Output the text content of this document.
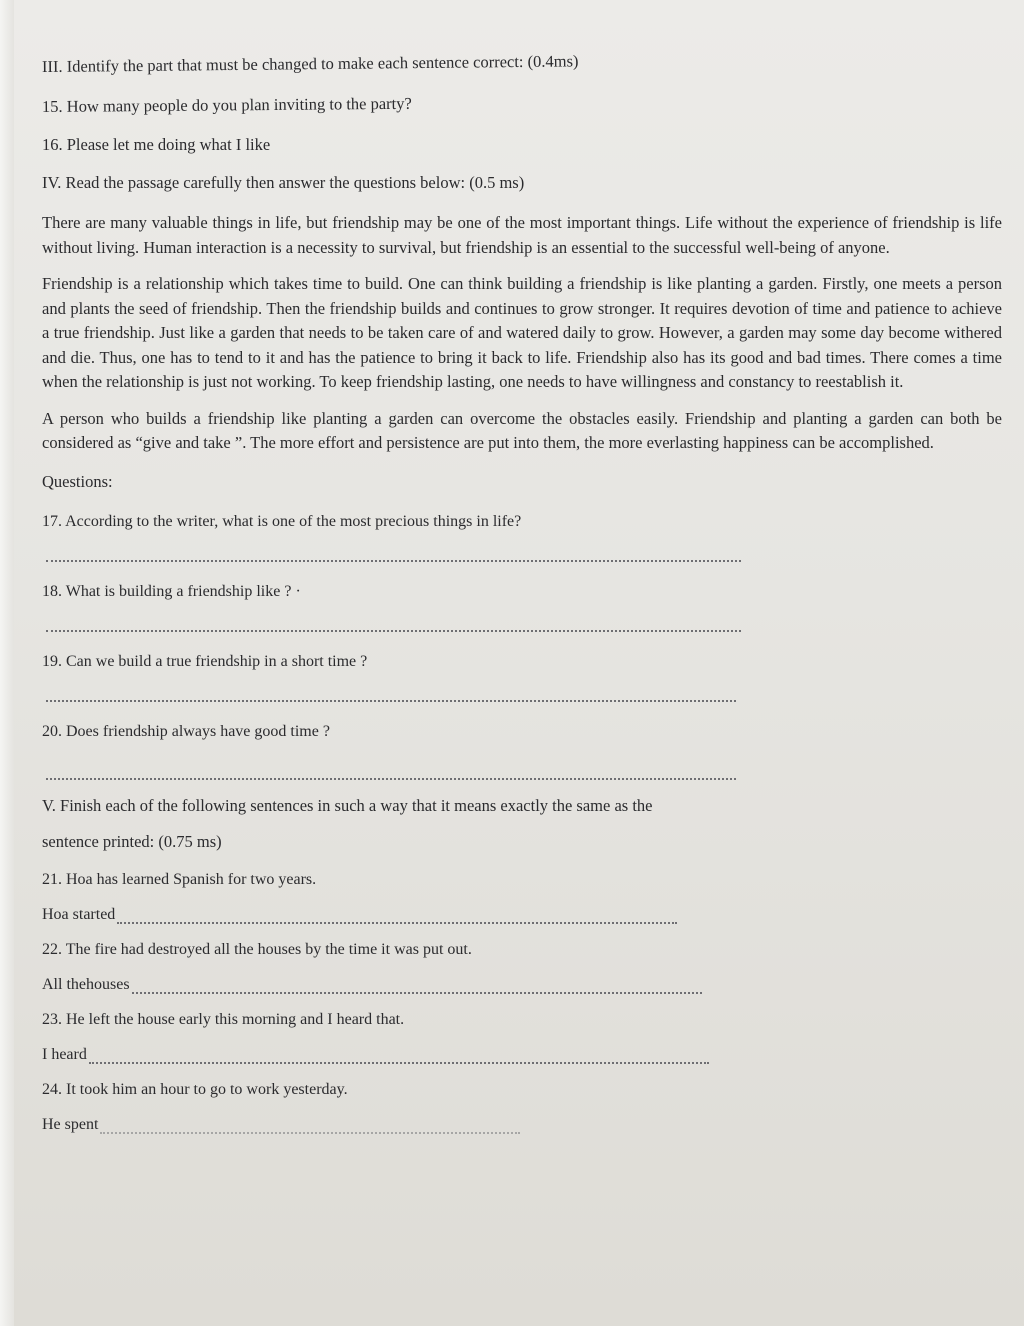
III. Identify the part that must be changed to make each sentence correct: (0.4ms)
15. How many people do you plan inviting to the party?
16. Please let me doing what I like
IV. Read the passage carefully then answer the questions below: (0.5 ms)
There are many valuable things in life, but friendship may be one of the most important things. Life without the experience of friendship is life without living. Human interaction is a necessity to survival, but friendship is an essential to the successful well-being of anyone.
Friendship is a relationship which takes time to build. One can think building a friendship is like planting a garden. Firstly, one meets a person and plants the seed of friendship. Then the friendship builds and continues to grow stronger. It requires devotion of time and patience to achieve a true friendship. Just like a garden that needs to be taken care of and watered daily to grow. However, a garden may some day become withered and die. Thus, one has to tend to it and has the patience to bring it back to life. Friendship also has its good and bad times. There comes a time when the relationship is just not working. To keep friendship lasting, one needs to have willingness and constancy to reestablish it.
A person who builds a friendship like planting a garden can overcome the obstacles easily. Friendship and planting a garden can both be considered as “give and take ”. The more effort and persistence are put into them, the more everlasting happiness can be accomplished.
Questions:
17. According to the writer, what is one of the most precious things in life?
18. What is building a friendship like ? ·
19. Can we build a true friendship in a short time ?
20. Does friendship always have good time ?
V. Finish each of the following sentences in such a way that it means exactly the same as the
sentence printed: (0.75 ms)
21. Hoa has learned Spanish for two years.
Hoa started
22. The fire had destroyed all the houses by the time it was put out.
All thehouses
23. He left the house early this morning and I heard that.
I heard
24. It took him an hour to go to work yesterday.
He spent
